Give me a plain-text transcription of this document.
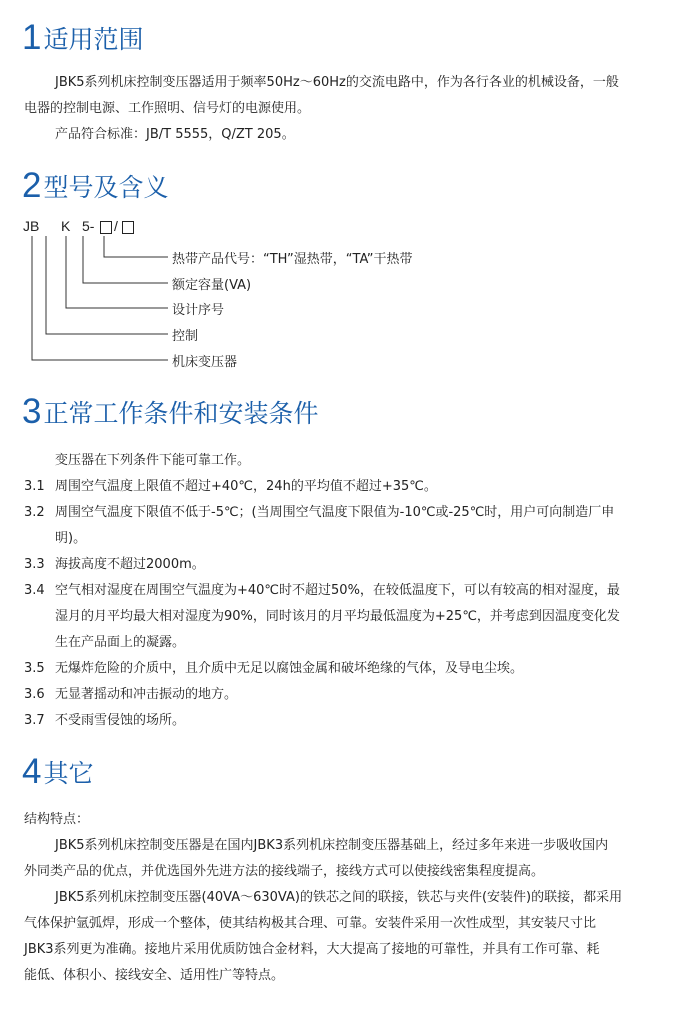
1适用范围
JBK5系列机床控制变压器适用于频率50Hz～60Hz的交流电路中，作为各行各业的机械设备，一般
电器的控制电源、工作照明、信号灯的电源使用。
产品符合标准：JB/T 5555，Q/ZT 205。
2型号及含义
JB K 5- /
热带产品代号：“TH”湿热带，“TA”干热带
额定容量(VA)
设计序号
控制
机床变压器
3正常工作条件和安装条件
变压器在下列条件下能可靠工作。
3.1 周围空气温度上限值不超过+40℃，24h的平均值不超过+35℃。
3.2 周围空气温度下限值不低于-5℃；(当周围空气温度下限值为-10℃或-25℃时，用户可向制造厂申
明)。
3.3 海拔高度不超过2000m。
3.4 空气相对湿度在周围空气温度为+40℃时不超过50%，在较低温度下，可以有较高的相对湿度，最
湿月的月平均最大相对湿度为90%，同时该月的月平均最低温度为+25℃，并考虑到因温度变化发
生在产品面上的凝露。
3.5 无爆炸危险的介质中，且介质中无足以腐蚀金属和破坏绝缘的气体，及导电尘埃。
3.6 无显著摇动和冲击振动的地方。
3.7 不受雨雪侵蚀的场所。
4其它
结构特点：
JBK5系列机床控制变压器是在国内JBK3系列机床控制变压器基础上，经过多年来进一步吸收国内
外同类产品的优点，并优选国外先进方法的接线端子，接线方式可以使接线密集程度提高。
JBK5系列机床控制变压器(40VA～630VA)的铁芯之间的联接，铁芯与夹件(安装件)的联接，都采用
气体保护氩弧焊，形成一个整体，使其结构极其合理、可靠。安装件采用一次性成型，其安装尺寸比
JBK3系列更为准确。接地片采用优质防蚀合金材料，大大提高了接地的可靠性，并具有工作可靠、耗
能低、体积小、接线安全、适用性广等特点。
